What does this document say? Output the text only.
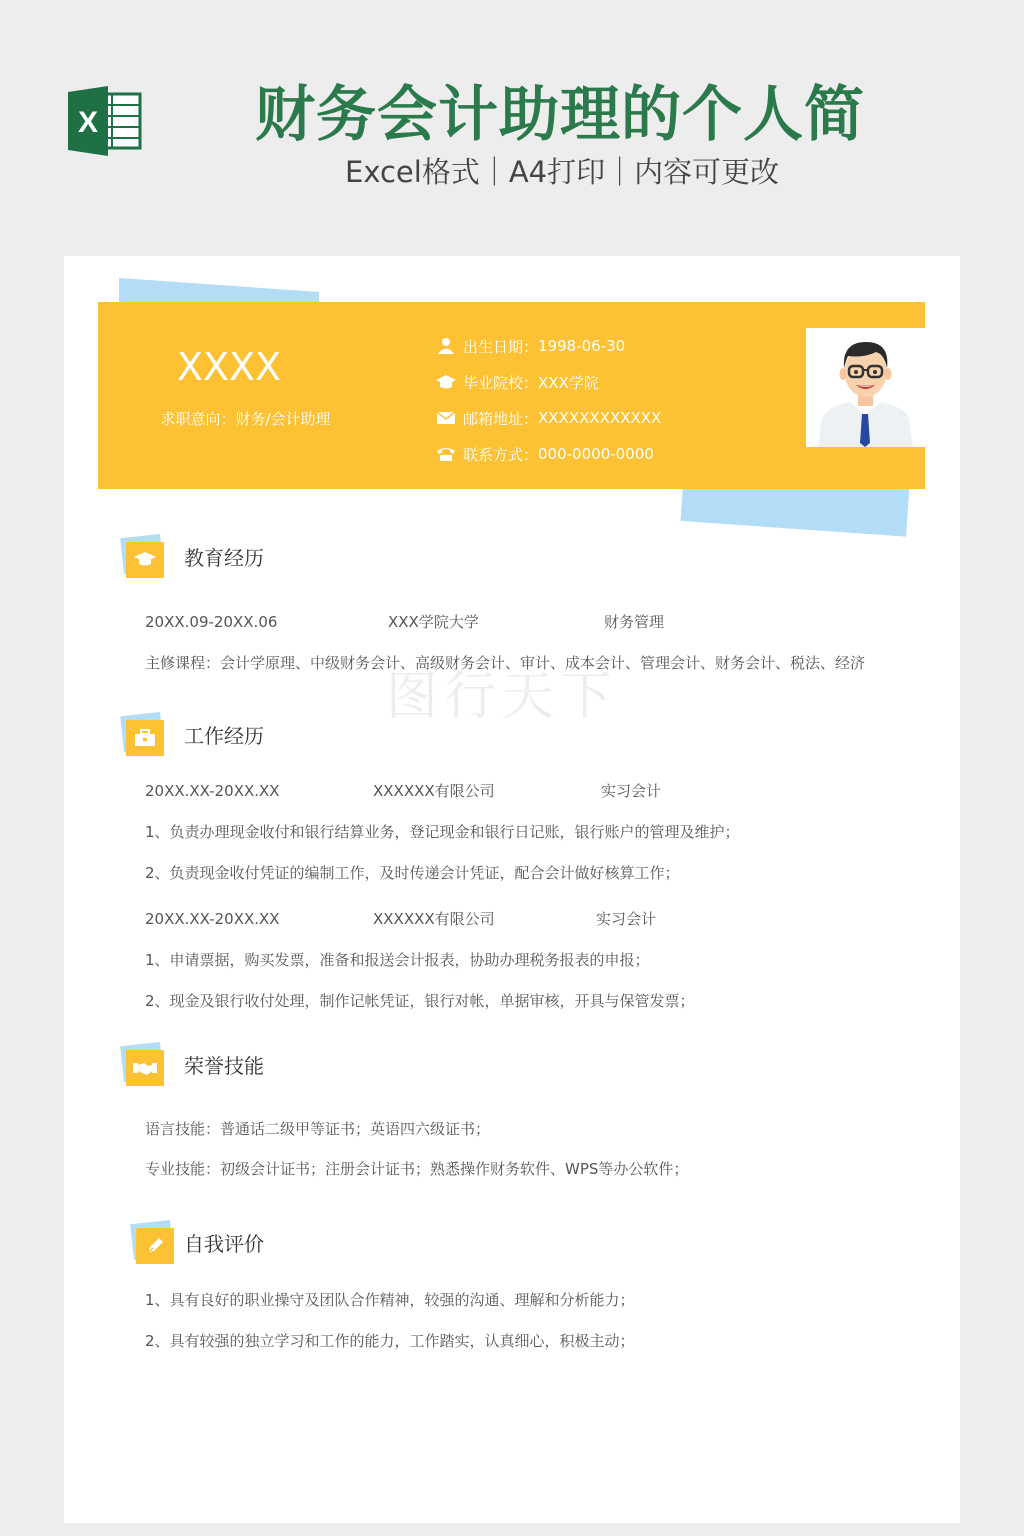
X	财务会计助理的个人简
Excel格式｜A4打印｜内容可更改
XXXX
求职意向：财务/会计助理
出生日期： 1998-06-30
毕业院校： XXX学院
邮箱地址： XXXXXXXXXXXX
联系方式： 000-0000-0000
图行天下
教育经历
20XX.09-20XX.06	XXX学院大学	财务管理
主修课程：会计学原理、中级财务会计、高级财务会计、审计、成本会计、管理会计、财务会计、税法、经济
工作经历
20XX.XX-20XX.XX	XXXXXX有限公司	实习会计
1、负责办理现金收付和银行结算业务，登记现金和银行日记账，银行账户的管理及维护；
2、负责现金收付凭证的编制工作，及时传递会计凭证，配合会计做好核算工作；
20XX.XX-20XX.XX	XXXXXX有限公司	实习会计
1、申请票据，购买发票，准备和报送会计报表，协助办理税务报表的申报；
2、现金及银行收付处理，制作记帐凭证，银行对帐，单据审核，开具与保管发票；
荣誉技能
语言技能：普通话二级甲等证书；英语四六级证书；
专业技能：初级会计证书；注册会计证书；熟悉操作财务软件、WPS等办公软件；
自我评价
1、具有良好的职业操守及团队合作精神，较强的沟通、理解和分析能力；
2、具有较强的独立学习和工作的能力，工作踏实，认真细心，积极主动；
